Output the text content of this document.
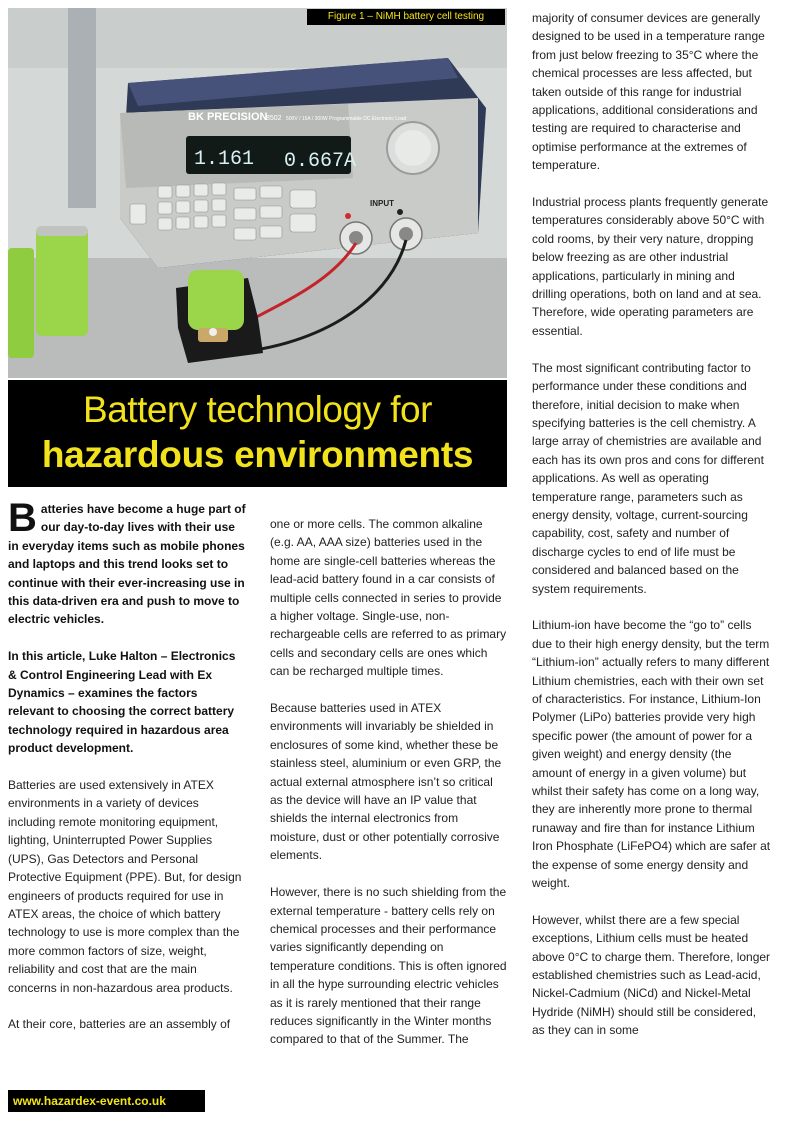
1.161 0.667A
BK PRECISION
8502 500V / 15A / 300W Programmable DC Electronic Load
INPUT
Figure 1 – NiMH battery cell testing
Battery technology for
hazardous environments

Batteries have become a huge part of our day-to-day lives with their use in everyday items such as mobile phones and laptops and this trend looks set to continue with their ever-increasing use in this data-driven era and push to move to electric vehicles.

In this article, Luke Halton – Electronics & Control Engineering Lead with Ex Dynamics – examines the factors relevant to choosing the correct battery technology required in hazardous area product development.

Batteries are used extensively in ATEX environments in a variety of devices including remote monitoring equipment, lighting, Uninterrupted Power Supplies (UPS), Gas Detectors and Personal Protective Equipment (PPE). But, for design engineers of products required for use in ATEX areas, the choice of which battery technology to use is more complex than the more common factors of size, weight, reliability and cost that are the main concerns in non-hazardous area products.

At their core, batteries are an assembly of

one or more cells. The common alkaline (e.g. AA, AAA size) batteries used in the home are single-cell batteries whereas the lead-acid battery found in a car consists of multiple cells connected in series to provide a higher voltage. Single-use, non-rechargeable cells are referred to as primary cells and secondary cells are ones which can be recharged multiple times.

Because batteries used in ATEX environments will invariably be shielded in enclosures of some kind, whether these be stainless steel, aluminium or even GRP, the actual external atmosphere isn’t so critical as the device will have an IP value that shields the internal electronics from moisture, dust or other potentially corrosive elements.

However, there is no such shielding from the external temperature - battery cells rely on chemical processes and their performance varies significantly depending on temperature conditions. This is often ignored in all the hype surrounding electric vehicles as it is rarely mentioned that their range reduces significantly in the Winter months compared to that of the Summer. The

majority of consumer devices are generally designed to be used in a temperature range from just below freezing to 35°C where the chemical processes are less affected, but taken outside of this range for industrial applications, additional considerations and testing are required to characterise and optimise performance at the extremes of temperature.

Industrial process plants frequently generate temperatures considerably above 50°C with cold rooms, by their very nature, dropping below freezing as are other industrial applications, particularly in mining and drilling operations, both on land and at sea. Therefore, wide operating parameters are essential.

The most significant contributing factor to performance under these conditions and therefore, initial decision to make when specifying batteries is the cell chemistry. A large array of chemistries are available and each has its own pros and cons for different applications. As well as operating temperature range, parameters such as energy density, voltage, current-sourcing capability, cost, safety and number of discharge cycles to end of life must be considered and balanced based on the system requirements.

Lithium-ion have become the “go to” cells due to their high energy density, but the term “Lithium-ion” actually refers to many different Lithium chemistries, each with their own set of characteristics. For instance, Lithium-Ion Polymer (LiPo) batteries provide very high specific power (the amount of power for a given weight) and energy density (the amount of energy in a given volume) but whilst their safety has come on a long way, they are inherently more prone to thermal runaway and fire than for instance Lithium Iron Phosphate (LiFePO4) which are safer at the expense of some energy density and weight.

However, whilst there are a few special exceptions, Lithium cells must be heated above 0°C to charge them. Therefore, longer established chemistries such as Lead-acid, Nickel-Cadmium (NiCd) and Nickel-Metal Hydride (NiMH) should still be considered, as they can in some

www.hazardex-event.co.uk
